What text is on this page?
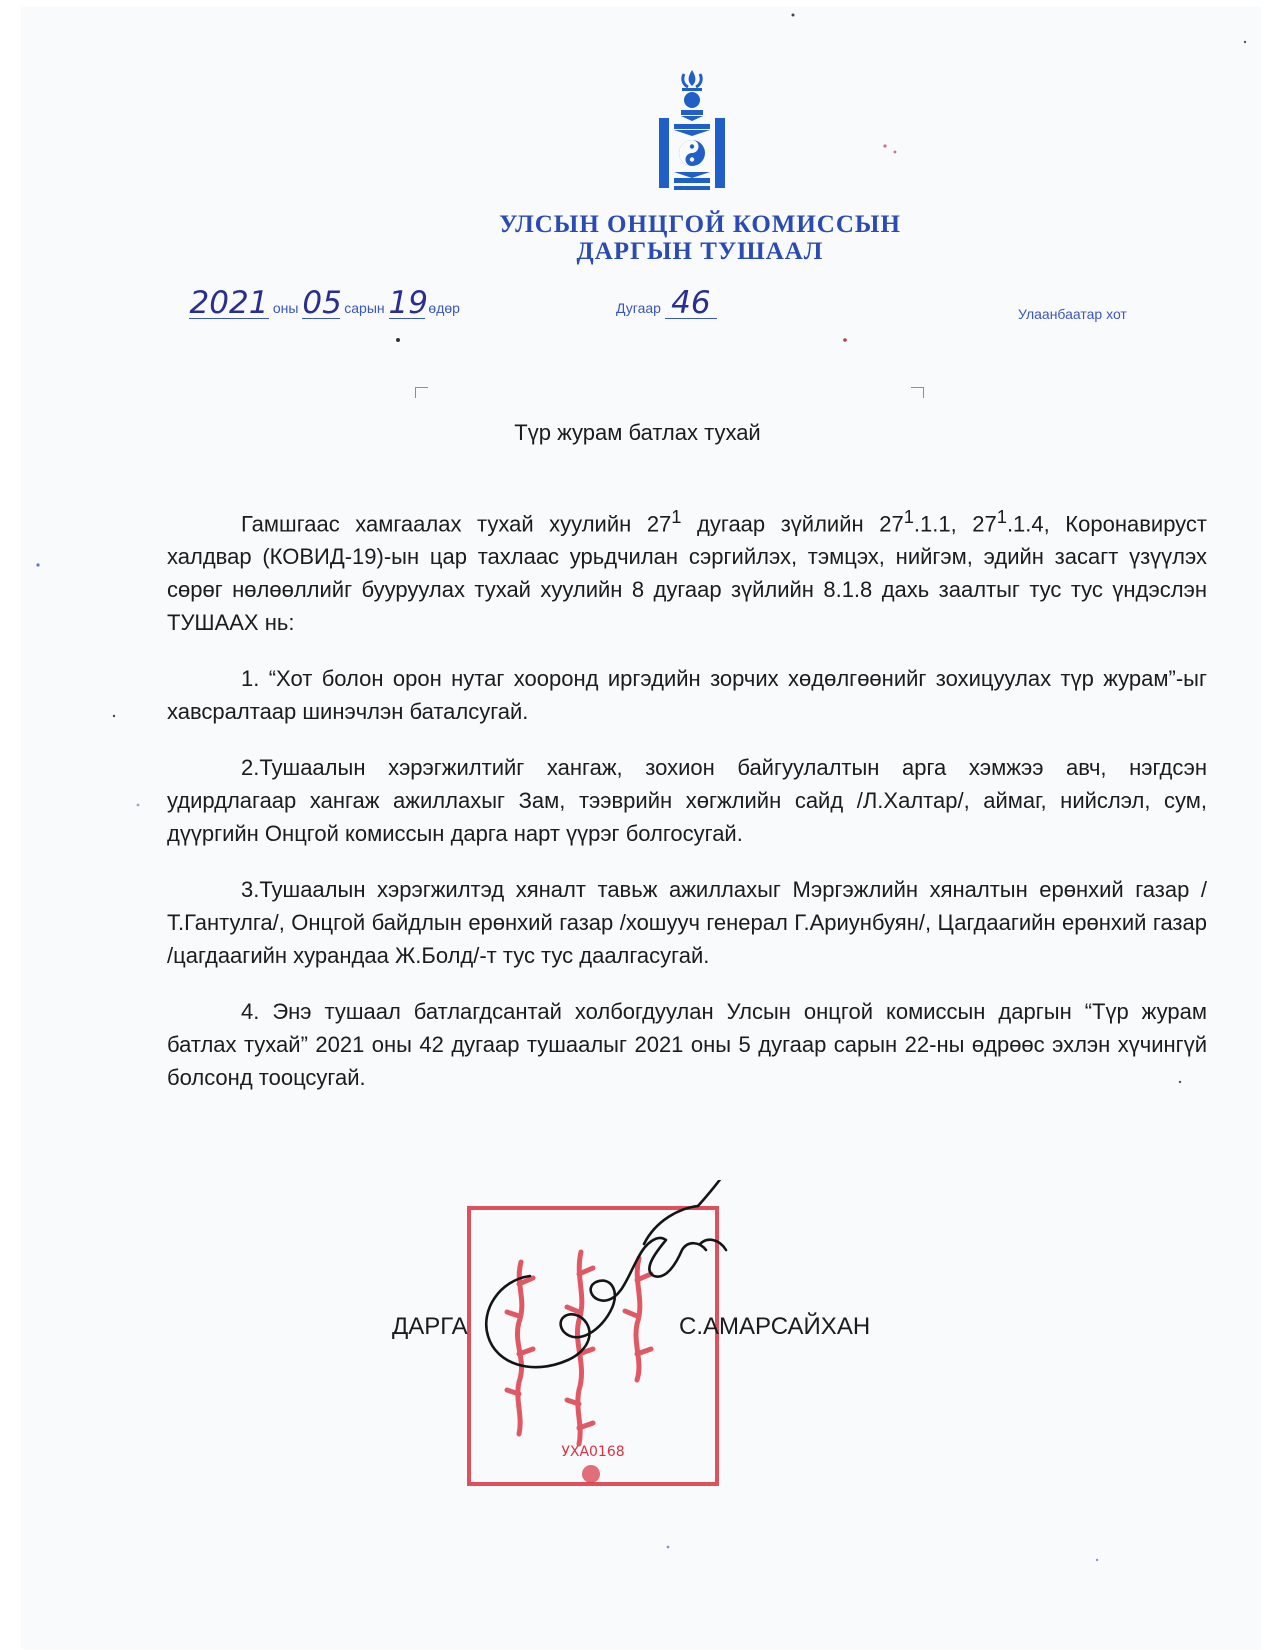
УЛСЫН ОНЦГОЙ КОМИССЫН
ДАРГЫН ТУШААЛ
2021 оны 05 сарын 19 өдөр	Дугаар 46	Улаанбаатар хот
Түр журам батлах тухай

Гамшгаас хамгаалах тухай хуулийн $27^1$ дугаар зүйлийн $27^1.1.1$, $27^1.1.4$, Коронавируст халдвар (КОВИД-19)-ын цар тахлаас урьдчилан сэргийлэх, тэмцэх, нийгэм, эдийн засагт үзүүлэх сөрөг нөлөөллийг бууруулах тухай хуулийн 8 дугаар зүйлийн 8.1.8 дахь заалтыг тус тус үндэслэн ТУШААХ нь:

1. “Хот болон орон нутаг хооронд иргэдийн зорчих хөдөлгөөнийг зохицуулах түр журам”-ыг хавсралтаар шинэчлэн баталсугай.

2.Тушаалын хэрэгжилтийг хангаж, зохион байгуулалтын арга хэмжээ авч, нэгдсэн удирдлагаар хангаж ажиллахыг Зам, тээврийн хөгжлийн сайд /Л.Халтар/, аймаг, нийслэл, сум, дүүргийн Онцгой комиссын дарга нарт үүрэг болгосугай.

3.Тушаалын хэрэгжилтэд хяналт тавьж ажиллахыг Мэргэжлийн хяналтын ерөнхий газар /Т.Гантулга/, Онцгой байдлын ерөнхий газар /хошууч генерал Г.Ариунбуян/, Цагдаагийн ерөнхий газар /цагдаагийн хурандаа Ж.Болд/-т тус тус даалгасугай.

4. Энэ тушаал батлагдсантай холбогдуулан Улсын онцгой комиссын даргын “Түр журам батлах тухай” 2021 оны 42 дугаар тушаалыг 2021 оны 5 дугаар сарын 22-ны өдрөөс эхлэн хүчингүй болсонд тооцсугай.

УХА0168
ДАРГА	С.АМАРСАЙХАН
